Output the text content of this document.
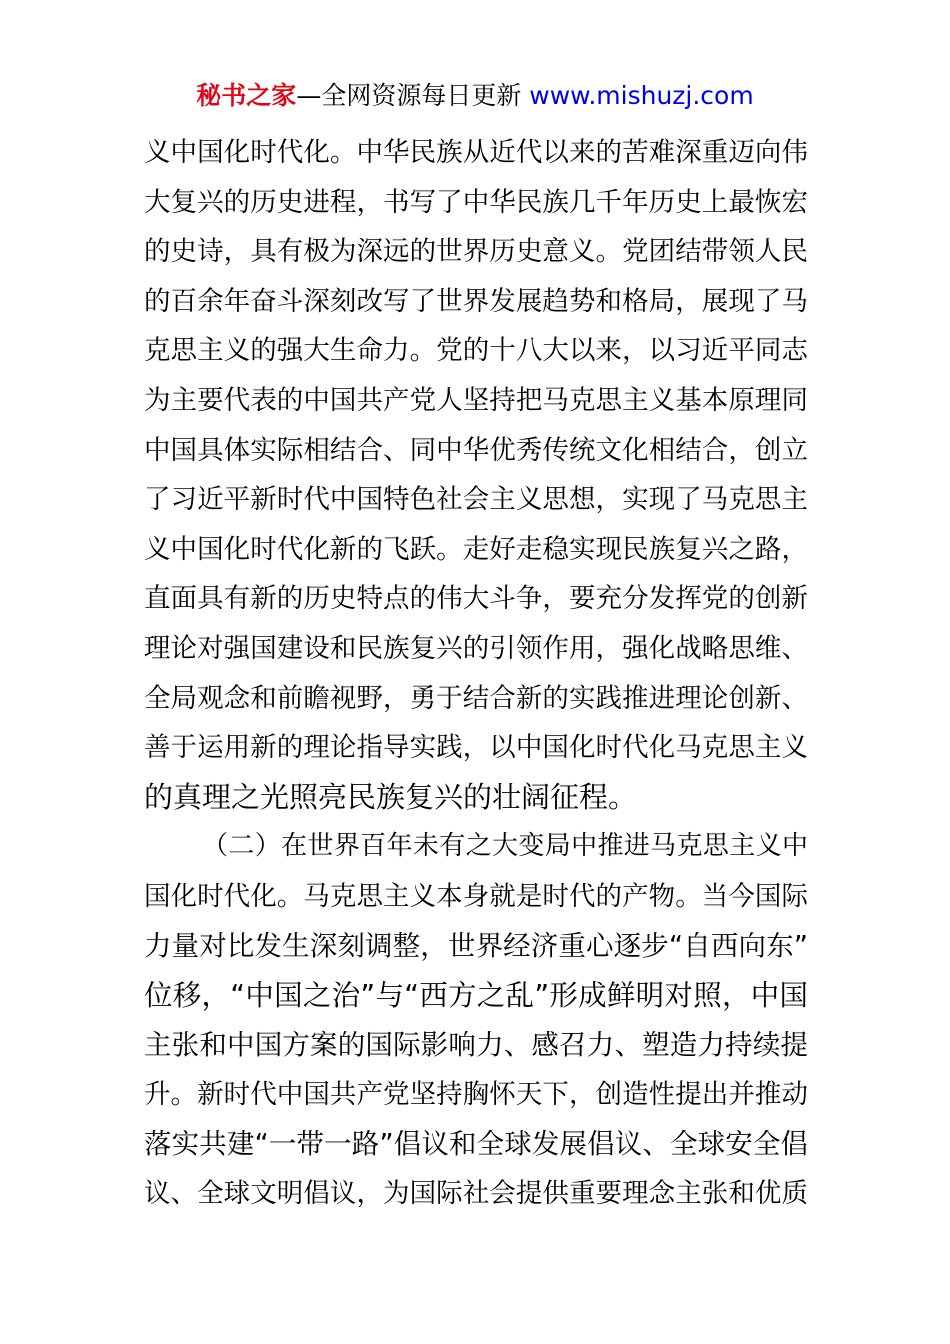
秘书之家—全网资源每日更新 www.mishuzj.com
义中国化时代化。中华民族从近代以来的苦难深重迈向伟
大复兴的历史进程，书写了中华民族几千年历史上最恢宏
的史诗，具有极为深远的世界历史意义。党团结带领人民
的百余年奋斗深刻改写了世界发展趋势和格局，展现了马
克思主义的强大生命力。党的十八大以来，以习近平同志
为主要代表的中国共产党人坚持把马克思主义基本原理同
中国具体实际相结合、同中华优秀传统文化相结合，创立
了习近平新时代中国特色社会主义思想，实现了马克思主
义中国化时代化新的飞跃。走好走稳实现民族复兴之路，
直面具有新的历史特点的伟大斗争，要充分发挥党的创新
理论对强国建设和民族复兴的引领作用，强化战略思维、
全局观念和前瞻视野，勇于结合新的实践推进理论创新、
善于运用新的理论指导实践，以中国化时代化马克思主义
的真理之光照亮民族复兴的壮阔征程。
（二）在世界百年未有之大变局中推进马克思主义中
国化时代化。马克思主义本身就是时代的产物。当今国际
力量对比发生深刻调整，世界经济重心逐步“自西向东”
位移，“中国之治”与“西方之乱”形成鲜明对照，中国
主张和中国方案的国际影响力、感召力、塑造力持续提
升。新时代中国共产党坚持胸怀天下，创造性提出并推动
落实共建“一带一路”倡议和全球发展倡议、全球安全倡
议、全球文明倡议，为国际社会提供重要理念主张和优质
